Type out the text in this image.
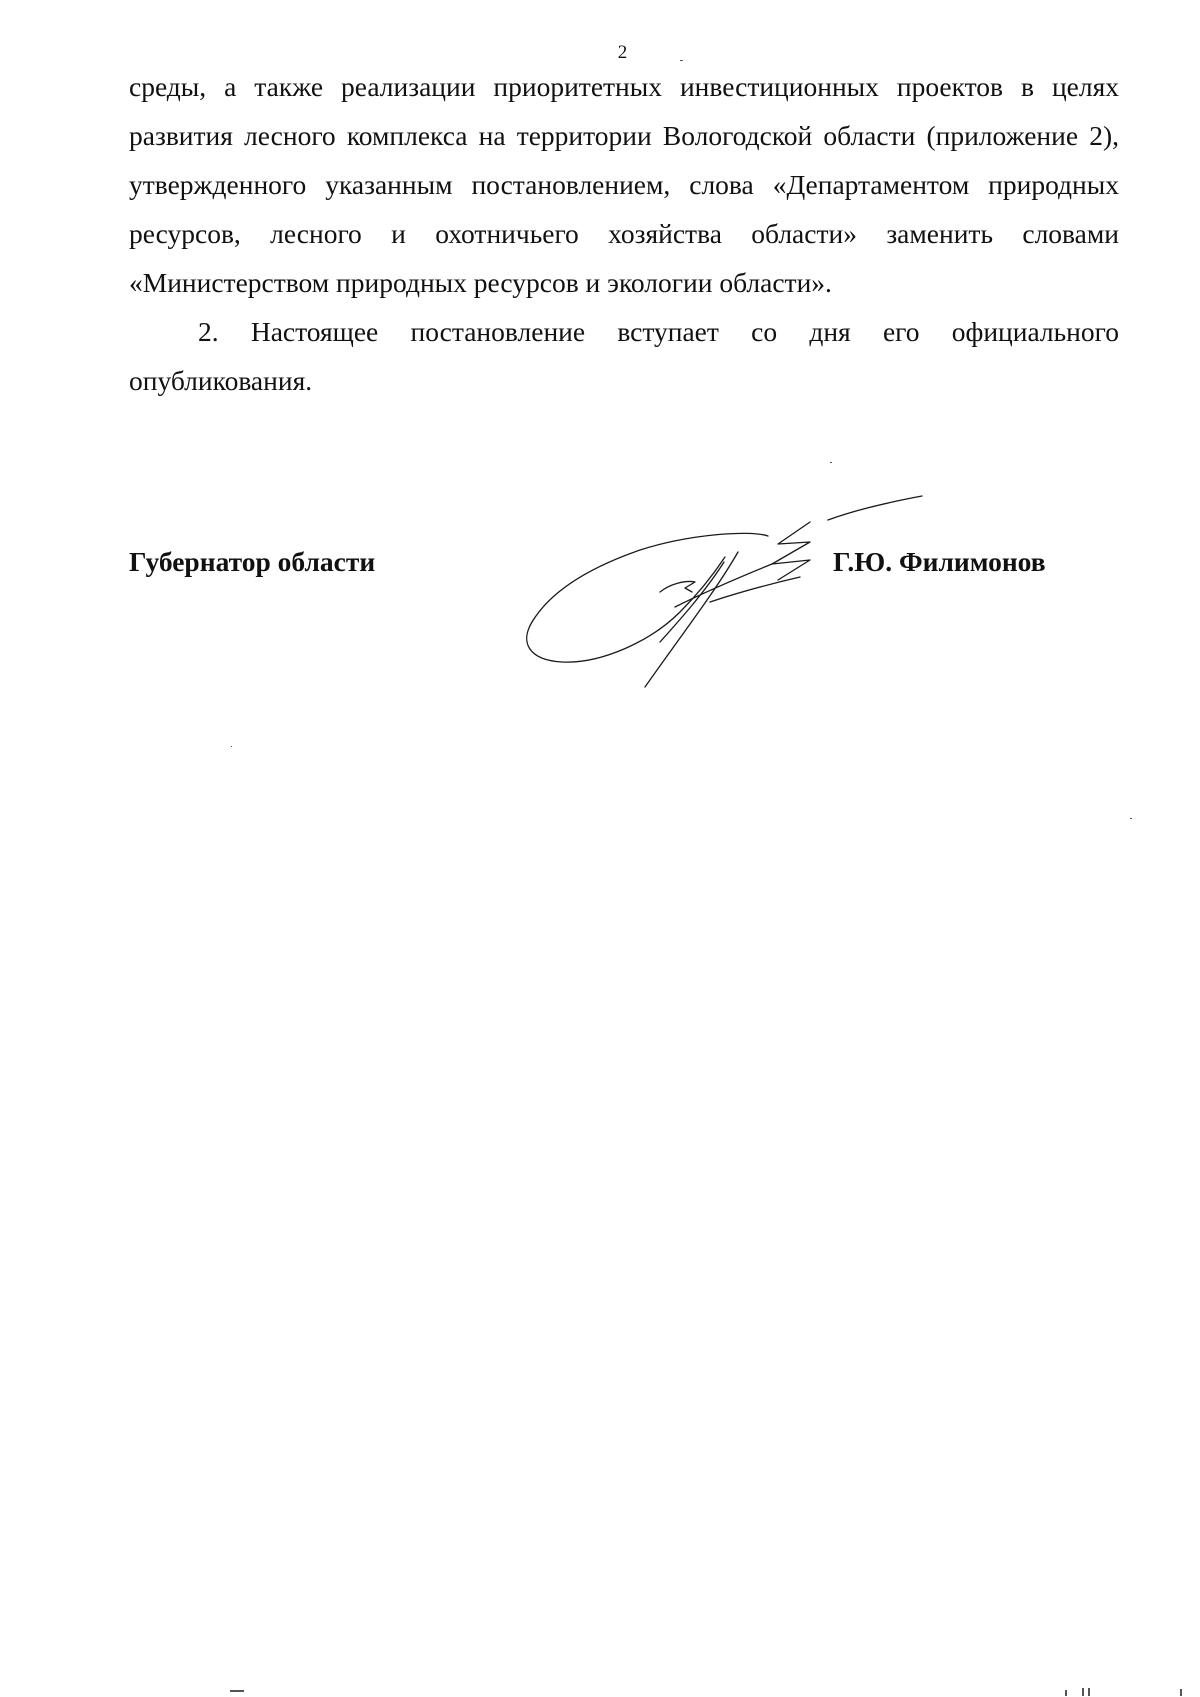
2

среды, а также реализации приоритетных инвестиционных проектов в целях развития лесного комплекса на территории Вологодской области (приложение 2), утвержденного указанным постановлением, слова «Департаментом природных ресурсов, лесного и охотничьего хозяйства области» заменить словами «Министерством природных ресурсов и экологии области».

2. Настоящее постановление вступает со дня его официального опубликования.

Губернатор области	Г.Ю. Филимонов
